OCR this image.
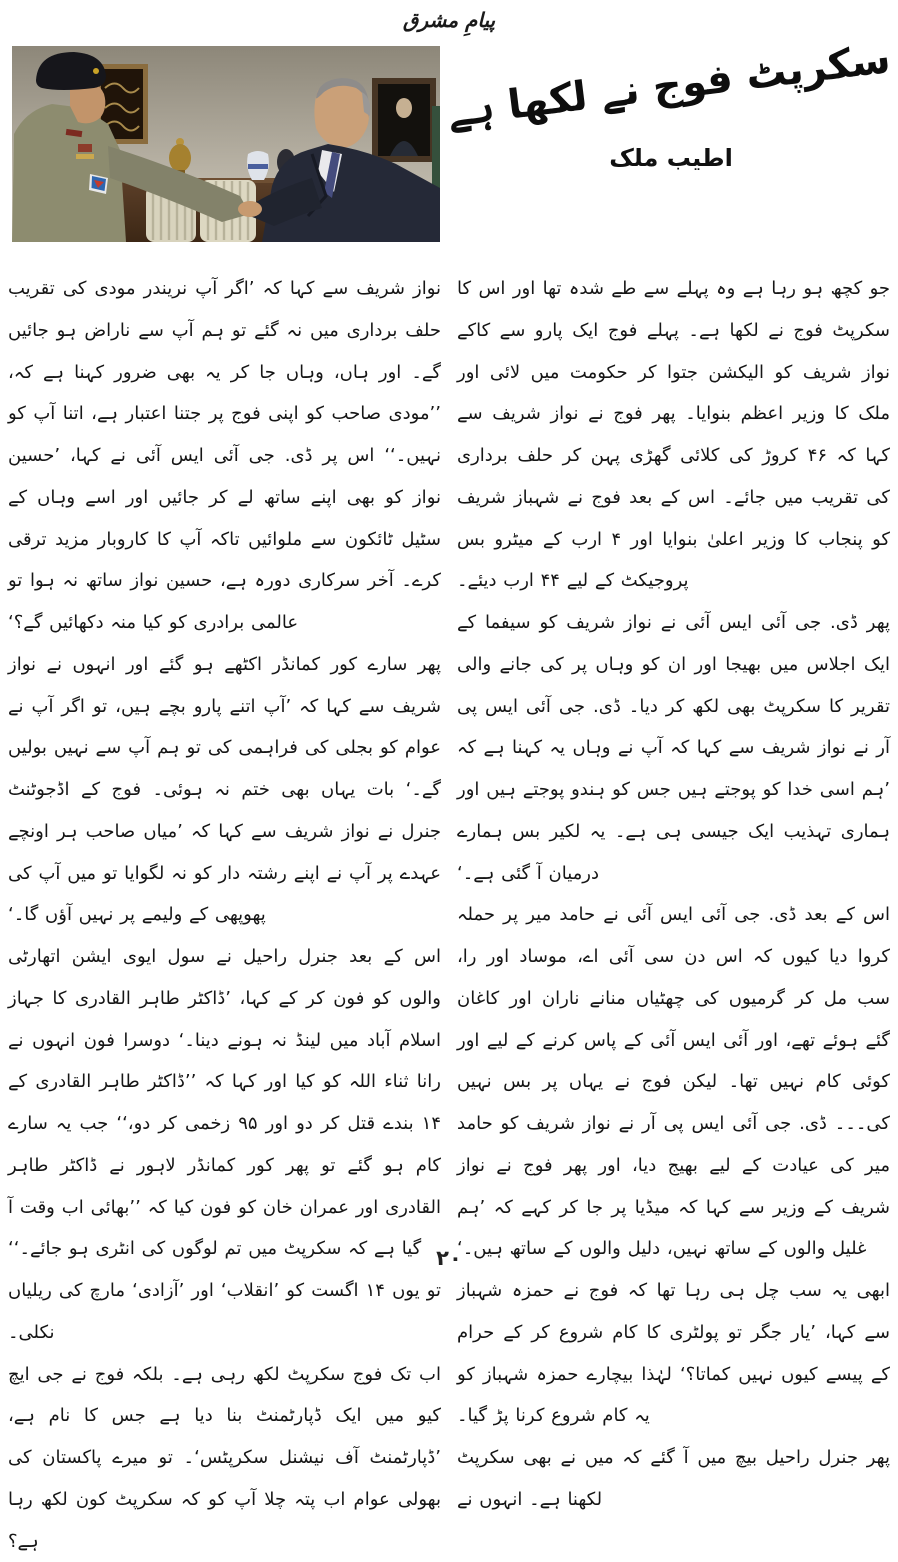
پیامِ مشرق
سکرپٹ فوج نے لکھا ہے
اطیب ملک

جو کچھ ہو رہا ہے وہ پہلے سے طے شدہ تھا اور اس کا سکرپٹ فوج نے لکھا ہے۔ پہلے فوج ایک پارو سے کاکے نواز شریف کو الیکشن جتوا کر حکومت میں لائی اور ملک کا وزیر اعظم بنوایا۔ پھر فوج نے نواز شریف سے کہا کہ ۴۶ کروڑ کی کلائی گھڑی پہن کر حلف برداری کی تقریب میں جائے۔ اس کے بعد فوج نے شہباز شریف کو پنجاب کا وزیر اعلیٰ بنوایا اور ۴ ارب کے میٹرو بس پروجیکٹ کے لیے ۴۴ ارب دیئے۔

پھر ڈی. جی آئی ایس آئی نے نواز شریف کو سیفما کے ایک اجلاس میں بھیجا اور ان کو وہاں پر کی جانے والی تقریر کا سکرپٹ بھی لکھ کر دیا۔ ڈی. جی آئی ایس پی آر نے نواز شریف سے کہا کہ آپ نے وہاں یہ کہنا ہے کہ ’ہم اسی خدا کو پوجتے ہیں جس کو ہندو پوجتے ہیں اور ہماری تہذیب ایک جیسی ہی ہے۔ یہ لکیر بس ہمارے درمیان آ گئی ہے۔‘

اس کے بعد ڈی. جی آئی ایس آئی نے حامد میر پر حملہ کروا دیا کیوں کہ اس دن سی آئی اے، موساد اور را، سب مل کر گرمیوں کی چھٹیاں منانے ناران اور کاغان گئے ہوئے تھے، اور آئی ایس آئی کے پاس کرنے کے لیے اور کوئی کام نہیں تھا۔ لیکن فوج نے یہاں پر بس نہیں کی۔۔۔ ڈی. جی آئی ایس پی آر نے نواز شریف کو حامد میر کی عیادت کے لیے بھیج دیا، اور پھر فوج نے نواز شریف کے وزیر سے کہا کہ میڈیا پر جا کر کہے کہ ’ہم غلیل والوں کے ساتھ نہیں، دلیل والوں کے ساتھ ہیں۔‘

ابھی یہ سب چل ہی رہا تھا کہ فوج نے حمزہ شہباز سے کہا، ’یار جگر تو پولٹری کا کام شروع کر کے حرام کے پیسے کیوں نہیں کماتا؟‘ لہٰذا بیچارے حمزہ شہباز کو یہ کام شروع کرنا پڑ گیا۔

پھر جنرل راحیل بیچ میں آ گئے کہ میں نے بھی سکرپٹ لکھنا ہے۔ انہوں نے

نواز شریف سے کہا کہ ’اگر آپ نریندر مودی کی تقریب حلف برداری میں نہ گئے تو ہم آپ سے ناراض ہو جائیں گے۔ اور ہاں، وہاں جا کر یہ بھی ضرور کہنا ہے کہ، ’’مودی صاحب کو اپنی فوج پر جتنا اعتبار ہے، اتنا آپ کو نہیں۔‘‘ اس پر ڈی. جی آئی ایس آئی نے کہا، ’حسین نواز کو بھی اپنے ساتھ لے کر جائیں اور اسے وہاں کے سٹیل ٹائکون سے ملوائیں تاکہ آپ کا کاروبار مزید ترقی کرے۔ آخر سرکاری دورہ ہے، حسین نواز ساتھ نہ ہوا تو عالمی برادری کو کیا منہ دکھائیں گے؟‘

پھر سارے کور کمانڈر اکٹھے ہو گئے اور انہوں نے نواز شریف سے کہا کہ ’آپ اتنے پارو بچے ہیں، تو اگر آپ نے عوام کو بجلی کی فراہمی کی تو ہم آپ سے نہیں بولیں گے۔‘ بات یہاں بھی ختم نہ ہوئی۔ فوج کے اڈجوٹنٹ جنرل نے نواز شریف سے کہا کہ ’میاں صاحب ہر اونچے عہدے پر آپ نے اپنے رشتہ دار کو نہ لگوایا تو میں آپ کی پھوپھی کے ولیمے پر نہیں آؤں گا۔‘

اس کے بعد جنرل راحیل نے سول ایوی ایشن اتھارٹی والوں کو فون کر کے کہا، ’ڈاکٹر طاہر القادری کا جہاز اسلام آباد میں لینڈ نہ ہونے دینا۔‘ دوسرا فون انہوں نے رانا ثناء اللہ کو کیا اور کہا کہ ’’ڈاکٹر طاہر القادری کے ۱۴ بندے قتل کر دو اور ۹۵ زخمی کر دو،‘‘ جب یہ سارے کام ہو گئے تو پھر کور کمانڈر لاہور نے ڈاکٹر طاہر القادری اور عمران خان کو فون کیا کہ ’’بھائی اب وقت آ گیا ہے کہ سکرپٹ میں تم لوگوں کی انٹری ہو جائے۔‘‘

تو یوں ۱۴ اگست کو ’انقلاب‘ اور ’آزادی‘ مارچ کی ریلیاں نکلی۔

اب تک فوج سکرپٹ لکھ رہی ہے۔ بلکہ فوج نے جی ایچ کیو میں ایک ڈپارٹمنٹ بنا دیا ہے جس کا نام ہے، ’ڈپارٹمنٹ آف نیشنل سکرپٹس‘۔ تو میرے پاکستان کی بھولی عوام اب پتہ چلا آپ کو کہ سکرپٹ کون لکھ رہا ہے؟

۲۰
